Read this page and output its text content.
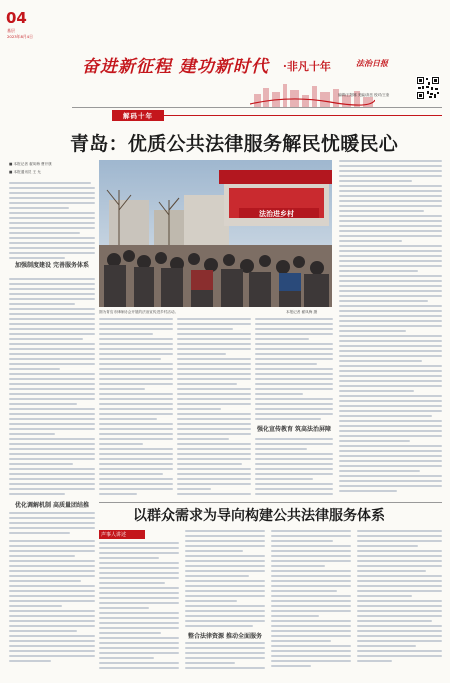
04
基层
2023年8月4日
奋进新征程 建功新时代 ·非凡十年	法治日报
编辑/王阳娜 美编/高岳 校对/王奎
解码十年
青岛：优质公共法律服务解民忧暖民心
■ 本报记者 翟凤梅 曹开康
■ 本报通讯员 王 允
法治进乡村
图为青岛市律师协会开展的法治宣传进乡村活动。	本报记者 翟凤梅 摄
加强制度建设 完善服务体系
优化调解机制 高质量团结推
强化宣传教育 筑高法治屏障
以群众需求为导向构建公共法律服务体系
声事人讲述
整合法律资源 推动全面服务
